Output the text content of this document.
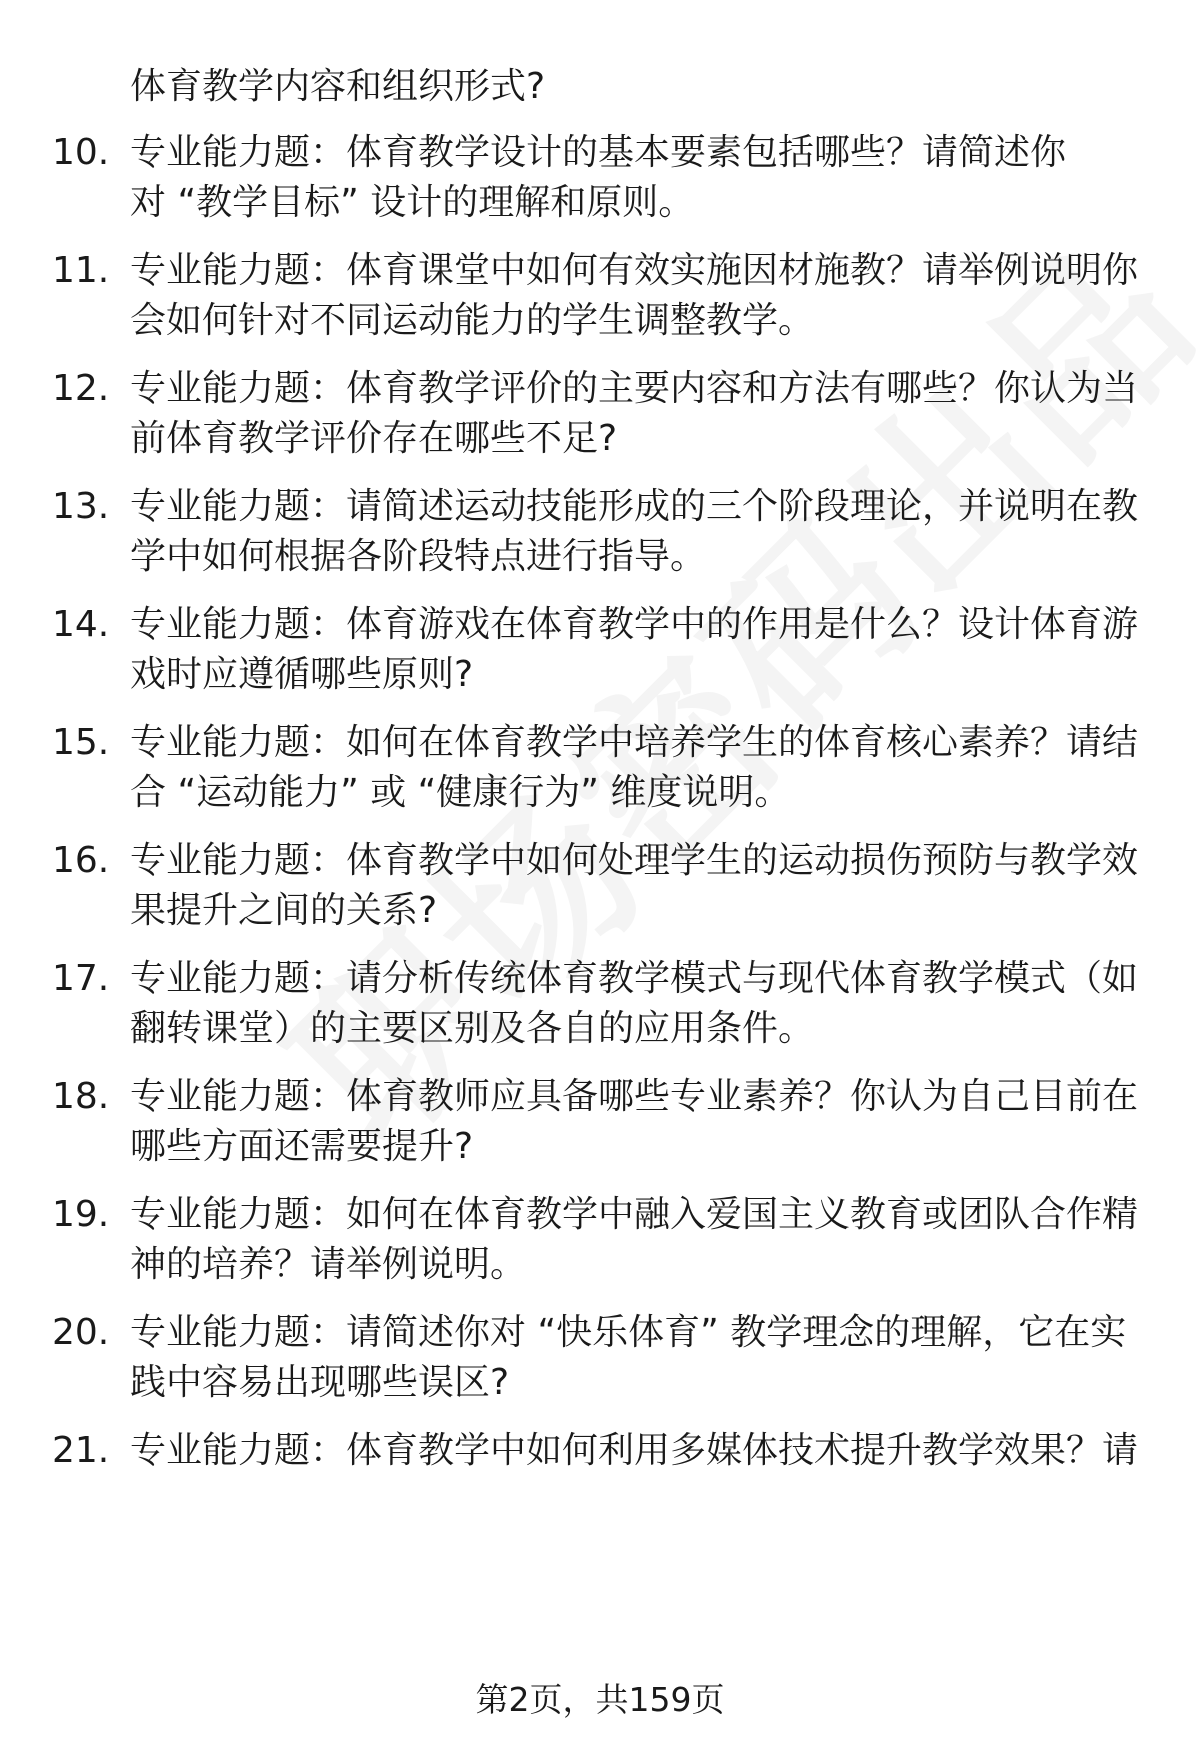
体育教学内容和组织形式?
10. 专业能力题：体育教学设计的基本要素包括哪些？请简述你
对 “教学目标” 设计的理解和原则。
11. 专业能力题：体育课堂中如何有效实施因材施教？请举例说明你
会如何针对不同运动能力的学生调整教学。
12. 专业能力题：体育教学评价的主要内容和方法有哪些？你认为当
前体育教学评价存在哪些不足?
13. 专业能力题：请简述运动技能形成的三个阶段理论，并说明在教
学中如何根据各阶段特点进行指导。
14. 专业能力题：体育游戏在体育教学中的作用是什么？设计体育游
戏时应遵循哪些原则?
15. 专业能力题：如何在体育教学中培养学生的体育核心素养？请结
合 “运动能力” 或 “健康行为” 维度说明。
16. 专业能力题：体育教学中如何处理学生的运动损伤预防与教学效
果提升之间的关系?
17. 专业能力题：请分析传统体育教学模式与现代体育教学模式（如
翻转课堂）的主要区别及各自的应用条件。
18. 专业能力题：体育教师应具备哪些专业素养？你认为自己目前在
哪些方面还需要提升?
19. 专业能力题：如何在体育教学中融入爱国主义教育或团队合作精
神的培养？请举例说明。
20. 专业能力题：请简述你对 “快乐体育” 教学理念的理解，它在实
践中容易出现哪些误区?
21. 专业能力题：体育教学中如何利用多媒体技术提升教学效果？请
第2页，共159页
